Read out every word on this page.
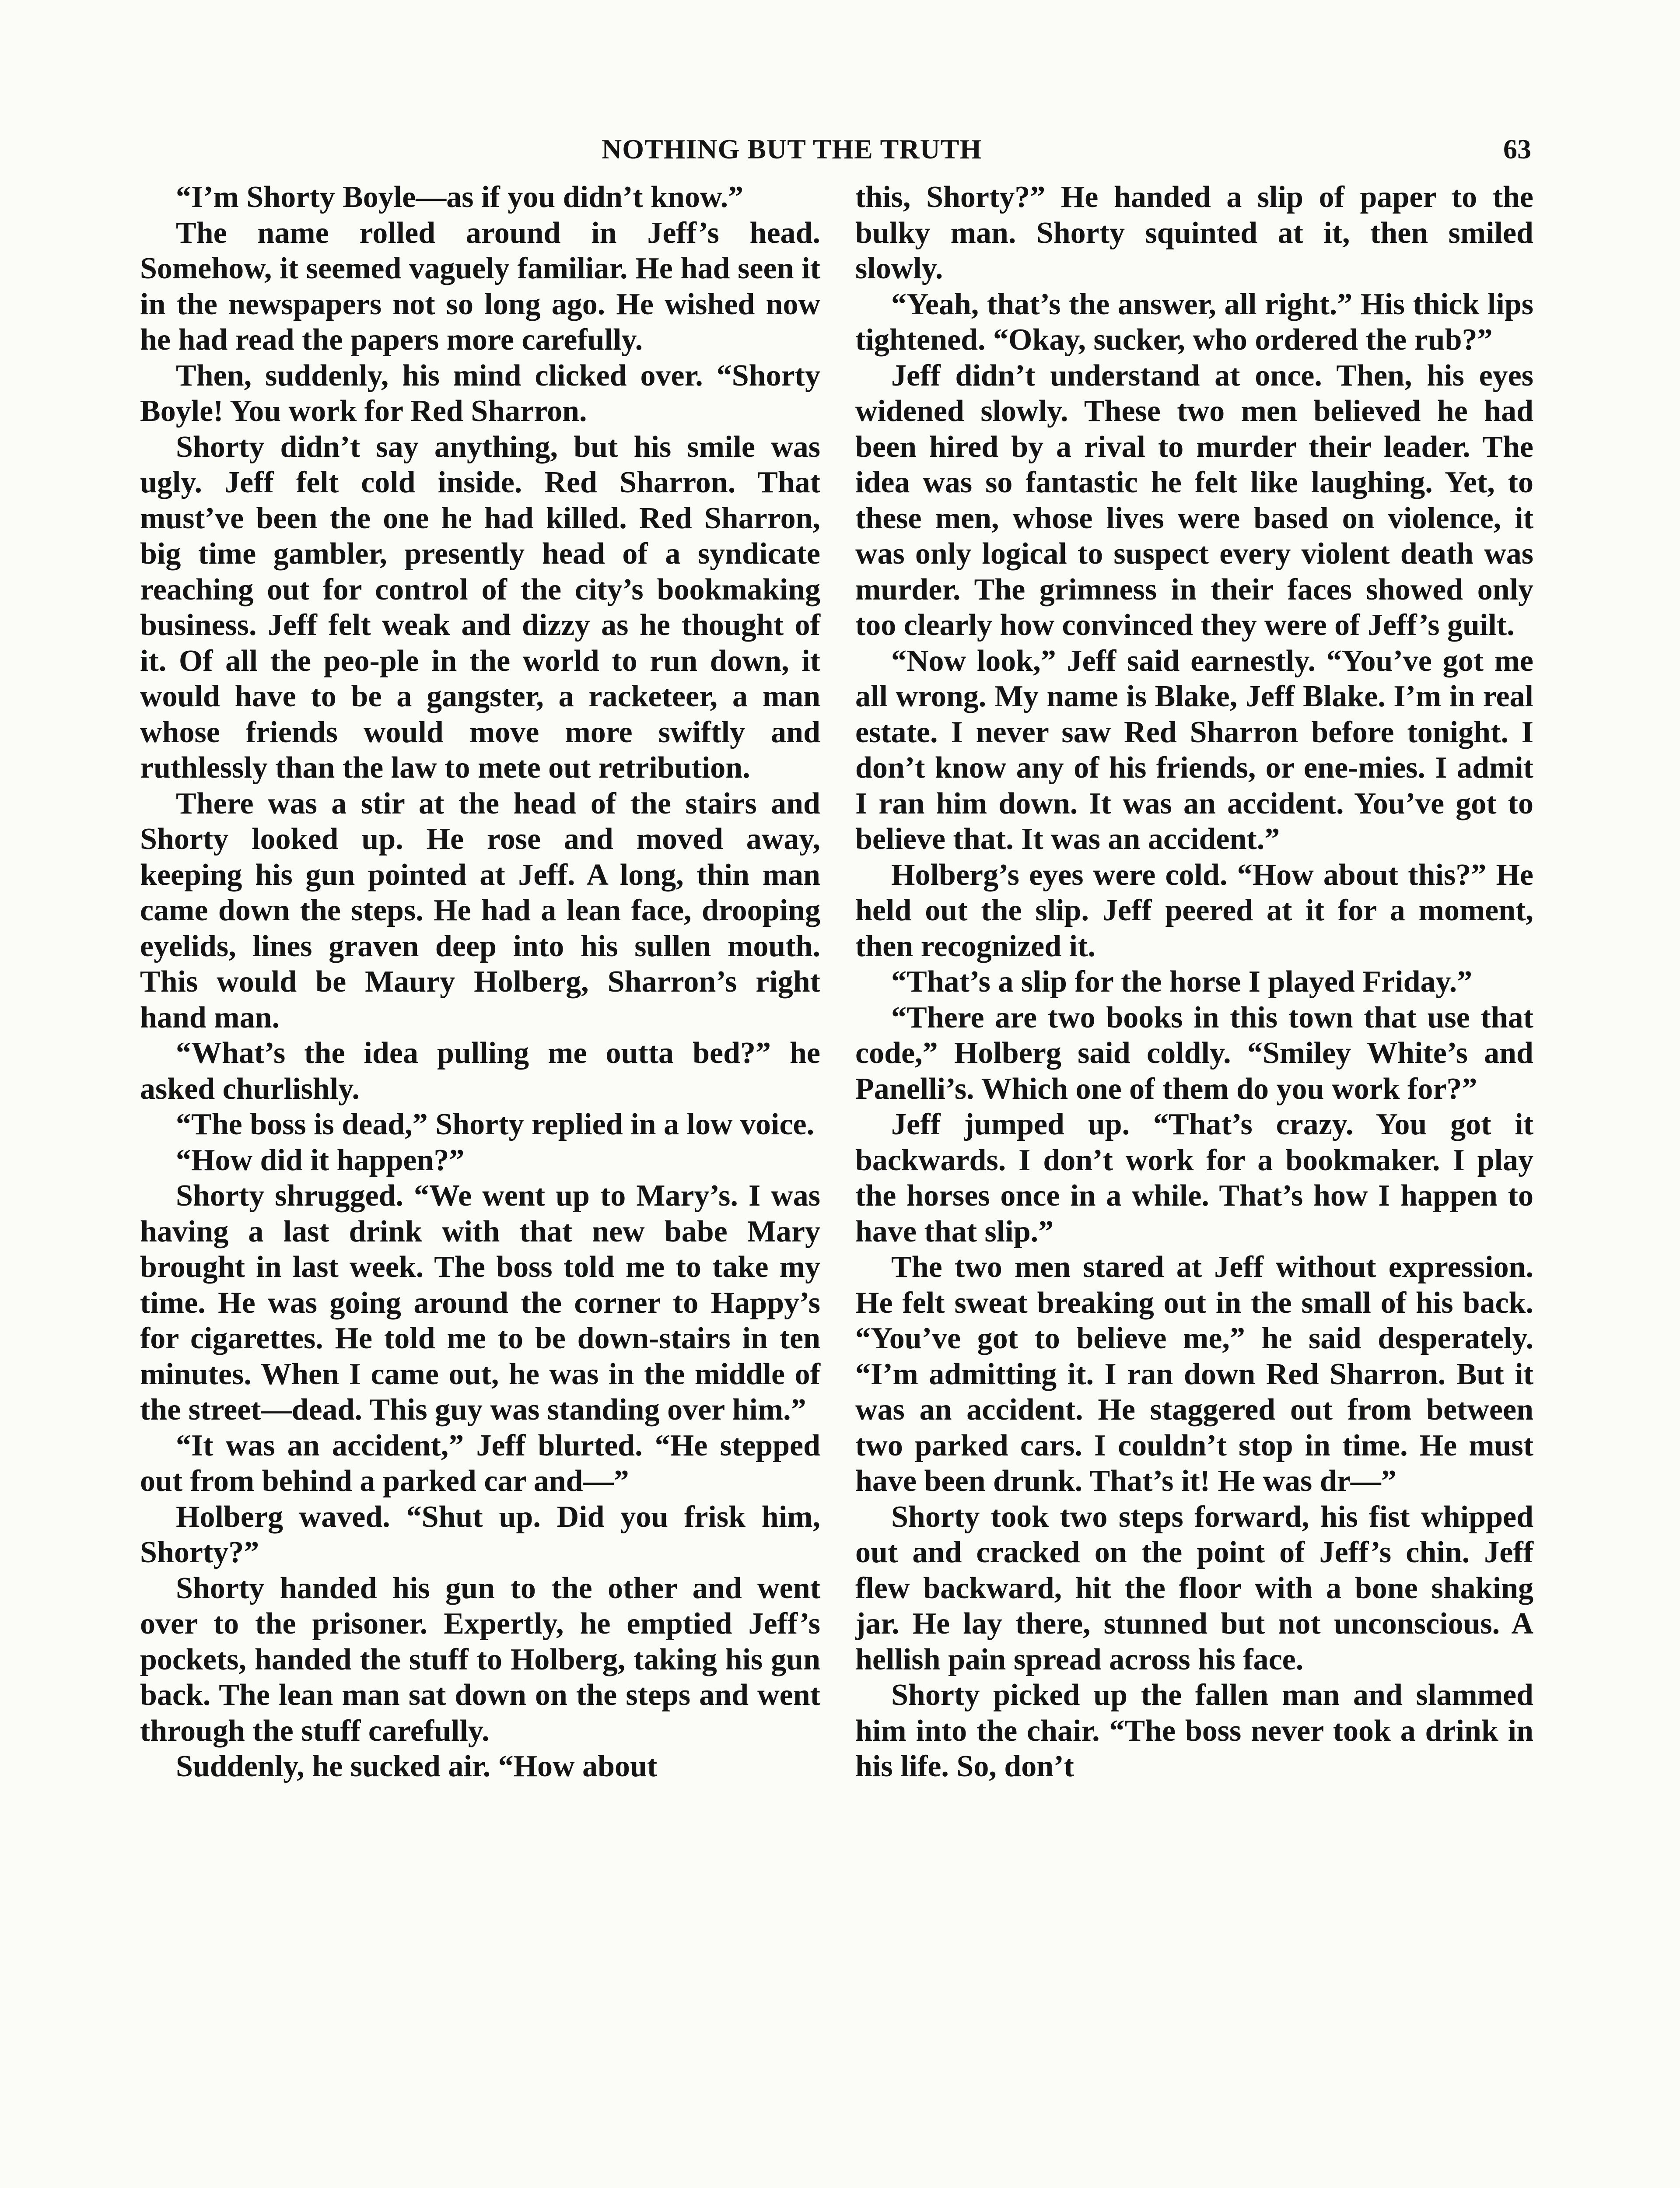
NOTHING BUT THE TRUTH	63

“I’m Shorty Boyle—as if you didn’t know.”

The name rolled around in Jeff’s head. Somehow, it seemed vaguely familiar. He had seen it in the newspapers not so long ago. He wished now he had read the papers more carefully.

Then, suddenly, his mind clicked over. “Shorty Boyle! You work for Red Sharron.

Shorty didn’t say anything, but his smile was ugly. Jeff felt cold inside. Red Sharron. That must’ve been the one he had killed. Red Sharron, big time gambler, presently head of a syndicate reaching out for control of the city’s bookmaking business. Jeff felt weak and dizzy as he thought of it. Of all the peo-ple in the world to run down, it would have to be a gangster, a racketeer, a man whose friends would move more swiftly and ruthlessly than the law to mete out retribution.

There was a stir at the head of the stairs and Shorty looked up. He rose and moved away, keeping his gun pointed at Jeff. A long, thin man came down the steps. He had a lean face, drooping eyelids, lines graven deep into his sullen mouth. This would be Maury Holberg, Sharron’s right hand man.

“What’s the idea pulling me outta bed?” he asked churlishly.

“The boss is dead,” Shorty replied in a low voice.

“How did it happen?”

Shorty shrugged. “We went up to Mary’s. I was having a last drink with that new babe Mary brought in last week. The boss told me to take my time. He was going around the corner to Happy’s for cigarettes. He told me to be down-stairs in ten minutes. When I came out, he was in the middle of the street—dead. This guy was standing over him.”

“It was an accident,” Jeff blurted. “He stepped out from behind a parked car and—”

Holberg waved. “Shut up. Did you frisk him, Shorty?”

Shorty handed his gun to the other and went over to the prisoner. Expertly, he emptied Jeff’s pockets, handed the stuff to Holberg, taking his gun back. The lean man sat down on the steps and went through the stuff carefully.

Suddenly, he sucked air. “How about

this, Shorty?” He handed a slip of paper to the bulky man. Shorty squinted at it, then smiled slowly.

“Yeah, that’s the answer, all right.” His thick lips tightened. “Okay, sucker, who ordered the rub?”

Jeff didn’t understand at once. Then, his eyes widened slowly. These two men believed he had been hired by a rival to murder their leader. The idea was so fantastic he felt like laughing. Yet, to these men, whose lives were based on violence, it was only logical to suspect every violent death was murder. The grimness in their faces showed only too clearly how convinced they were of Jeff’s guilt.

“Now look,” Jeff said earnestly. “You’ve got me all wrong. My name is Blake, Jeff Blake. I’m in real estate. I never saw Red Sharron before tonight. I don’t know any of his friends, or ene-mies. I admit I ran him down. It was an accident. You’ve got to believe that. It was an accident.”

Holberg’s eyes were cold. “How about this?” He held out the slip. Jeff peered at it for a moment, then recognized it.

“That’s a slip for the horse I played Friday.”

“There are two books in this town that use that code,” Holberg said coldly. “Smiley White’s and Panelli’s. Which one of them do you work for?”

Jeff jumped up. “That’s crazy. You got it backwards. I don’t work for a bookmaker. I play the horses once in a while. That’s how I happen to have that slip.”

The two men stared at Jeff without expression. He felt sweat breaking out in the small of his back. “You’ve got to believe me,” he said desperately. “I’m admitting it. I ran down Red Sharron. But it was an accident. He staggered out from between two parked cars. I couldn’t stop in time. He must have been drunk. That’s it! He was dr—”

Shorty took two steps forward, his fist whipped out and cracked on the point of Jeff’s chin. Jeff flew backward, hit the floor with a bone shaking jar. He lay there, stunned but not unconscious. A hellish pain spread across his face.

Shorty picked up the fallen man and slammed him into the chair. “The boss never took a drink in his life. So, don’t
